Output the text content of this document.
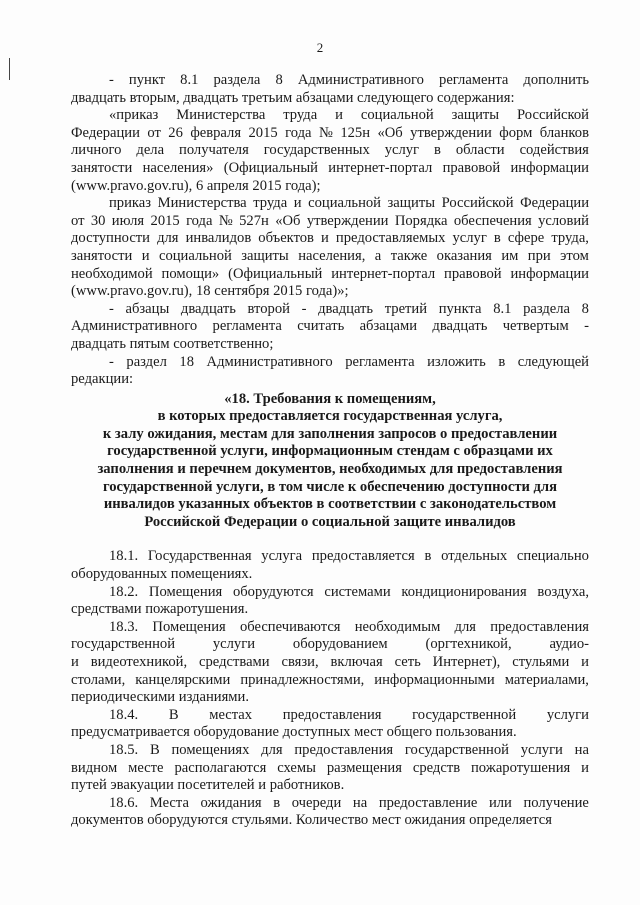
2
- пункт 8.1 раздела 8 Административного регламента дополнить
двадцать вторым, двадцать третьим абзацами следующего содержания:
«приказ Министерства труда и социальной защиты Российской
Федерации от 26 февраля 2015 года № 125н «Об утверждении форм бланков
личного дела получателя государственных услуг в области содействия
занятости населения» (Официальный интернет-портал правовой информации
(www.pravo.gov.ru), 6 апреля 2015 года);
приказ Министерства труда и социальной защиты Российской Федерации
от 30 июля 2015 года № 527н «Об утверждении Порядка обеспечения условий
доступности для инвалидов объектов и предоставляемых услуг в сфере труда,
занятости и социальной защиты населения, а также оказания им при этом
необходимой помощи» (Официальный интернет-портал правовой информации
(www.pravo.gov.ru), 18 сентября 2015 года)»;
- абзацы двадцать второй - двадцать третий пункта 8.1 раздела 8
Административного регламента считать абзацами двадцать четвертым -
двадцать пятым соответственно;
- раздел 18 Административного регламента изложить в следующей
редакции:
«18. Требования к помещениям,
в которых предоставляется государственная услуга,
к залу ожидания, местам для заполнения запросов о предоставлении
государственной услуги, информационным стендам с образцами их
заполнения и перечнем документов, необходимых для предоставления
государственной услуги, в том числе к обеспечению доступности для
инвалидов указанных объектов в соответствии с законодательством
Российской Федерации о социальной защите инвалидов
18.1. Государственная услуга предоставляется в отдельных специально
оборудованных помещениях.
18.2. Помещения оборудуются системами кондиционирования воздуха,
средствами пожаротушения.
18.3. Помещения обеспечиваются необходимым для предоставления
государственной	услуги	оборудованием	(оргтехникой,	аудио-
и видеотехникой, средствами связи, включая сеть Интернет), стульями и
столами, канцелярскими принадлежностями, информационными материалами,
периодическими изданиями.
18.4. В местах предоставления государственной услуги
предусматривается оборудование доступных мест общего пользования.
18.5. В помещениях для предоставления государственной услуги на
видном месте располагаются схемы размещения средств пожаротушения и
путей эвакуации посетителей и работников.
18.6. Места ожидания в очереди на предоставление или получение
документов оборудуются стульями. Количество мест ожидания определяется
